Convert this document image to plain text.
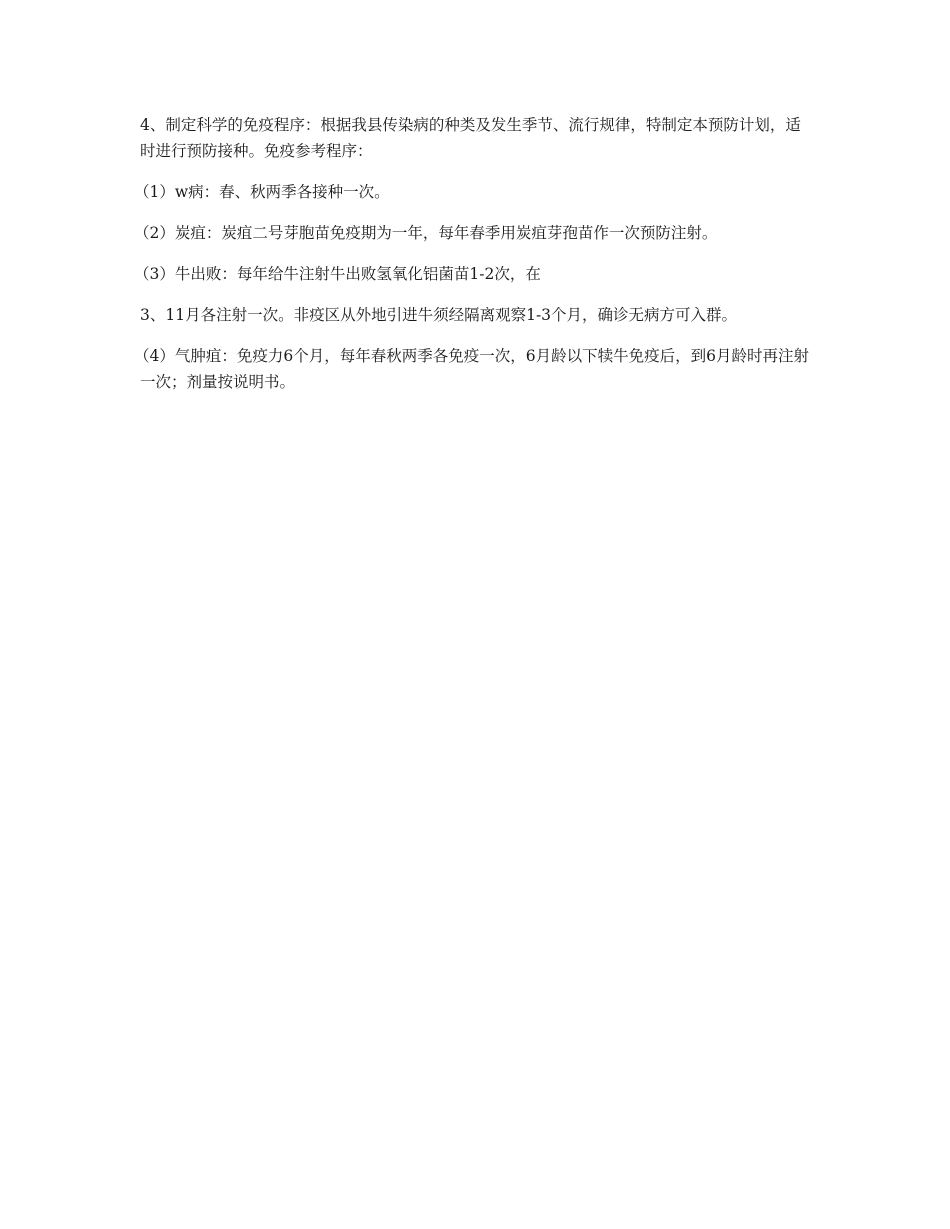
4、制定科学的免疫程序：根据我县传染病的种类及发生季节、流行规律，特制定本预防计划，适时进行预防接种。免疫参考程序：

（1）w病：春、秋两季各接种一次。

（2）炭疽：炭疽二号芽胞苗免疫期为一年，每年春季用炭疽芽孢苗作一次预防注射。

（3）牛出败：每年给牛注射牛出败氢氧化铝菌苗1-2次，在

3、11月各注射一次。非疫区从外地引进牛须经隔离观察1-3个月，确诊无病方可入群。

（4）气肿疽：免疫力6个月，每年春秋两季各免疫一次，6月龄以下犊牛免疫后，到6月龄时再注射一次；剂量按说明书。
